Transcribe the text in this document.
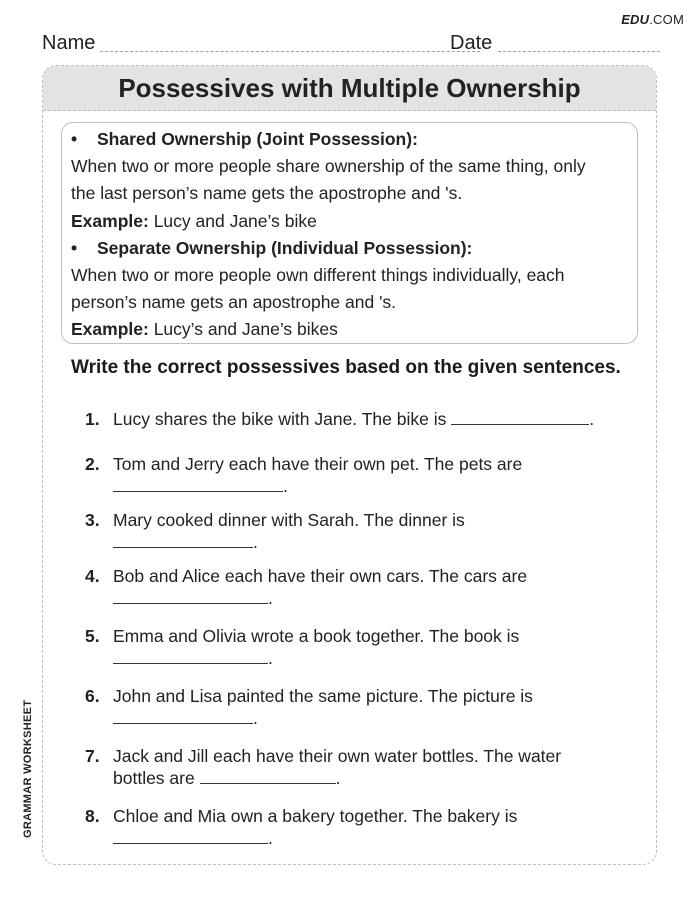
EDU.COM
Name	Date
Possessives with Multiple Ownership
• Shared Ownership (Joint Possession):
When two or more people share ownership of the same thing, only
the last person’s name gets the apostrophe and 's.
Example: Lucy and Jane’s bike
• Separate Ownership (Individual Possession):
When two or more people own different things individually, each
person’s name gets an apostrophe and 's.
Example: Lucy’s and Jane’s bikes
Write the correct possessives based on the given sentences.
1. Lucy shares the bike with Jane. The bike is	.
2. Tom and Jerry each have their own pet. The pets are
.
3. Mary cooked dinner with Sarah. The dinner is
.
4. Bob and Alice each have their own cars. The cars are
.
5. Emma and Olivia wrote a book together. The book is
.
6. John and Lisa painted the same picture. The picture is
.
7. Jack and Jill each have their own water bottles. The water
bottles are	.
8. Chloe and Mia own a bakery together. The bakery is
.
GRAMMAR WORKSHEET
